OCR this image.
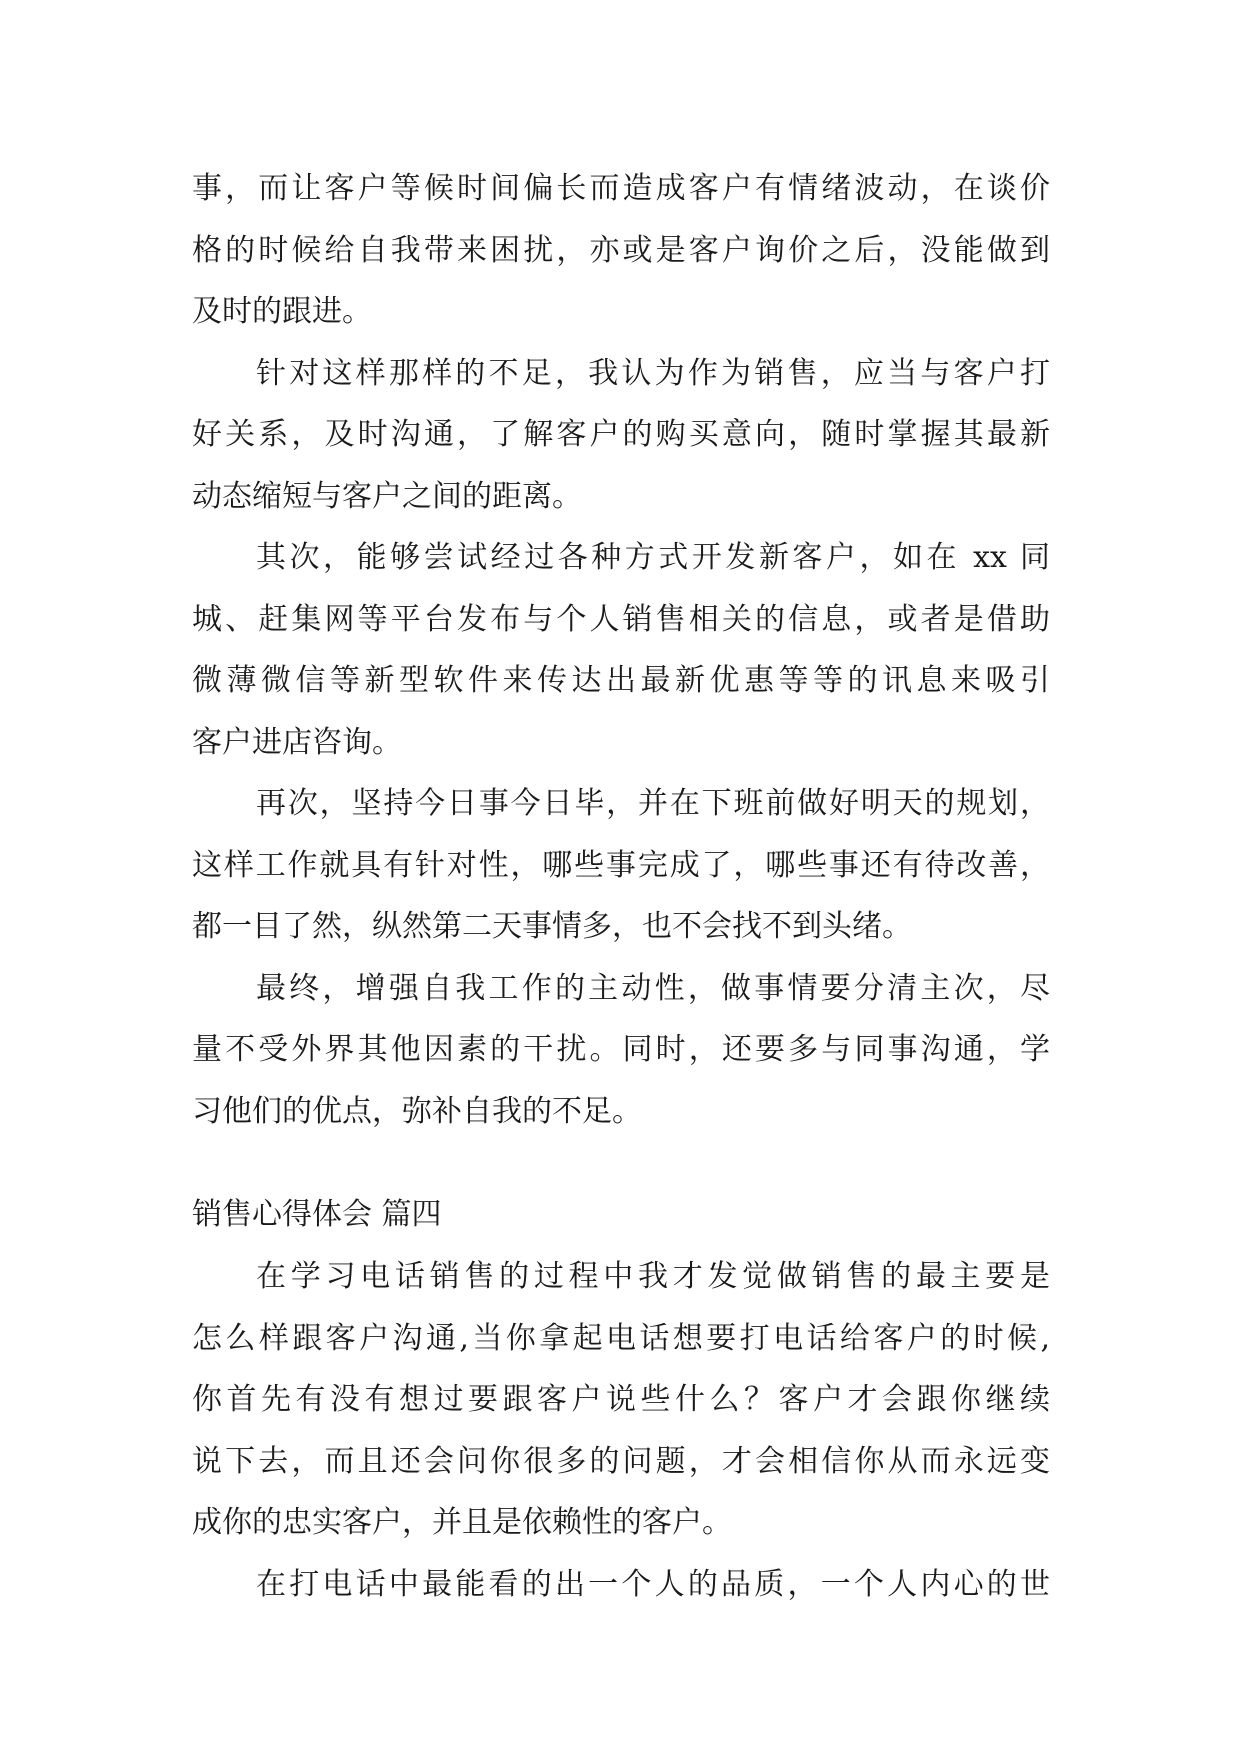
事，而让客户等候时间偏长而造成客户有情绪波动，在谈价
格的时候给自我带来困扰，亦或是客户询价之后，没能做到
及时的跟进。
针对这样那样的不足，我认为作为销售，应当与客户打
好关系，及时沟通，了解客户的购买意向，随时掌握其最新
动态缩短与客户之间的距离。
其次，能够尝试经过各种方式开发新客户，如在 xx 同
城、赶集网等平台发布与个人销售相关的信息，或者是借助
微薄微信等新型软件来传达出最新优惠等等的讯息来吸引
客户进店咨询。
再次，坚持今日事今日毕，并在下班前做好明天的规划，
这样工作就具有针对性，哪些事完成了，哪些事还有待改善，
都一目了然，纵然第二天事情多，也不会找不到头绪。
最终，增强自我工作的主动性，做事情要分清主次，尽
量不受外界其他因素的干扰。同时，还要多与同事沟通，学
习他们的优点，弥补自我的不足。
销售心得体会 篇四
在学习电话销售的过程中我才发觉做销售的最主要是
怎么样跟客户沟通,当你拿起电话想要打电话给客户的时候,
你首先有没有想过要跟客户说些什么？客户才会跟你继续
说下去，而且还会问你很多的问题，才会相信你从而永远变
成你的忠实客户，并且是依赖性的客户。
在打电话中最能看的出一个人的品质，一个人内心的世
